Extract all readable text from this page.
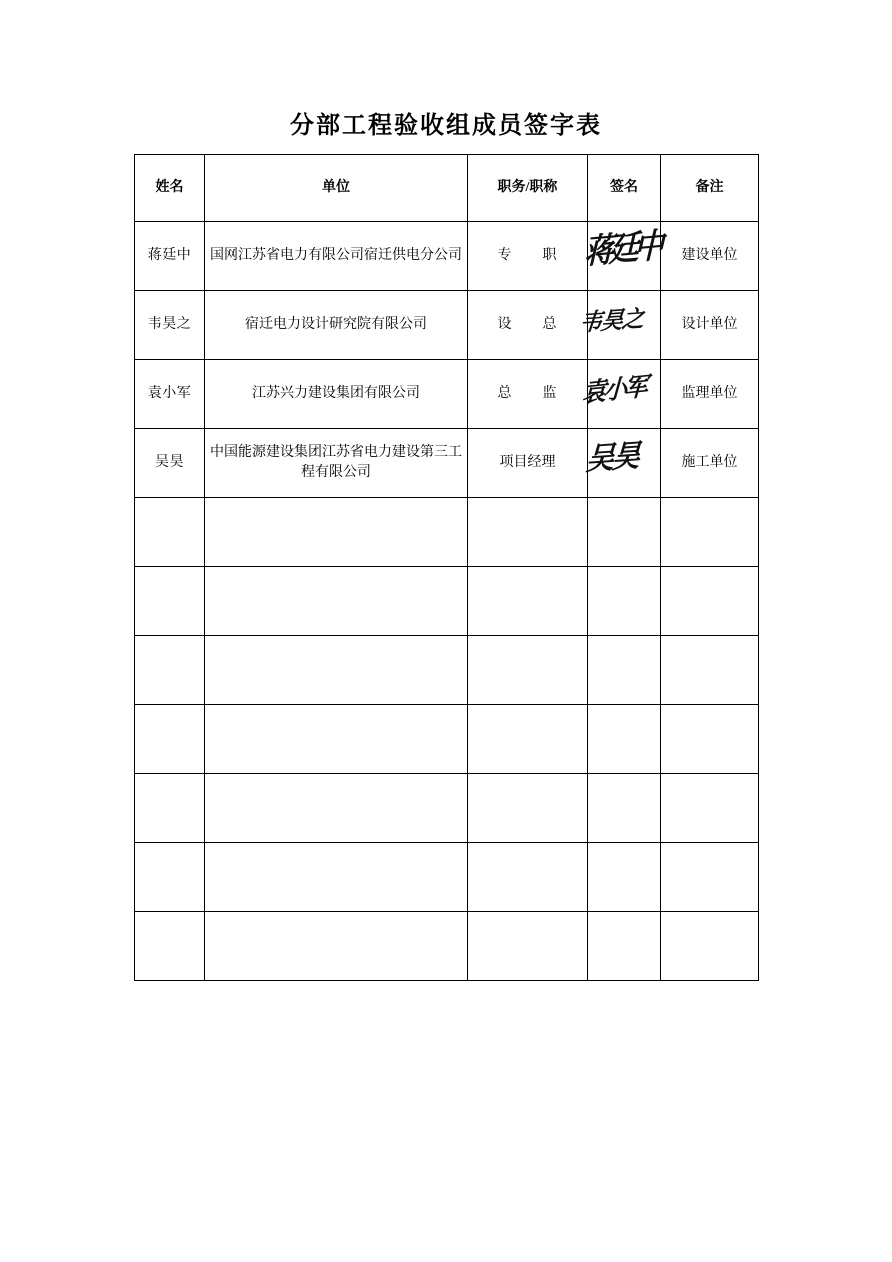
分部工程验收组成员签字表
姓名	单位	职务/职称	签名	备注
蒋廷中	国网江苏省电力有限公司宿迁供电分公司	专　　职	蒋廷中	建设单位
韦昊之	宿迁电力设计研究院有限公司	设　　总	韦昊之	设计单位
袁小军	江苏兴力建设集团有限公司	总　　监	袁小军	监理单位
吴昊	中国能源建设集团江苏省电力建设第三工程有限公司	项目经理	吴昊	施工单位
